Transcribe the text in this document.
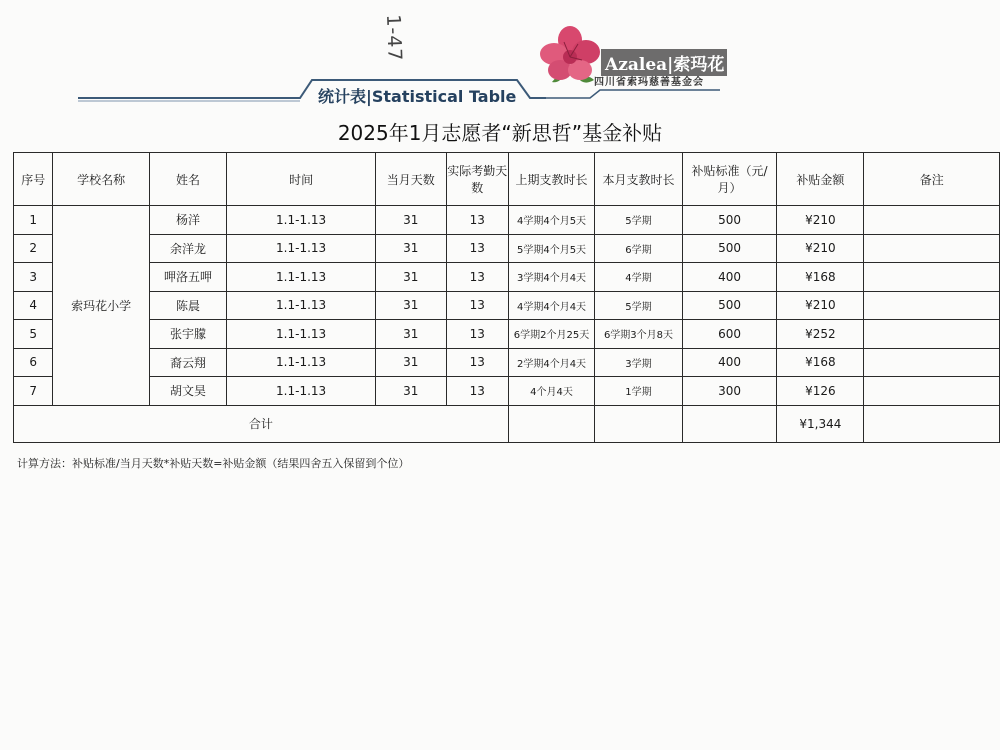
1-47
统计表|Statistical Table
Azalea|索玛花
四川省索玛慈善基金会
2025年1月志愿者“新思哲”基金补贴
序号	学校名称	姓名	时间	当月天数	实际考勤天数	上期支教时长	本月支教时长	补贴标准（元/月）	补贴金额	备注
1	索玛花小学	杨洋	1.1-1.13	31	13	4学期4个月5天	5学期	500	¥210	
2		余洋龙	1.1-1.13	31	13	5学期4个月5天	6学期	500	¥210	
3		呷洛五呷	1.1-1.13	31	13	3学期4个月4天	4学期	400	¥168	
4		陈晨	1.1-1.13	31	13	4学期4个月4天	5学期	500	¥210	
5		张宇朦	1.1-1.13	31	13	6学期2个月25天	6学期3个月8天	600	¥252	
6		裔云翔	1.1-1.13	31	13	2学期4个月4天	3学期	400	¥168	
7		胡文昊	1.1-1.13	31	13	4个月4天	1学期	300	¥126	
合计									¥1,344	
计算方法：补贴标准/当月天数*补贴天数=补贴金额（结果四舍五入保留到个位）
